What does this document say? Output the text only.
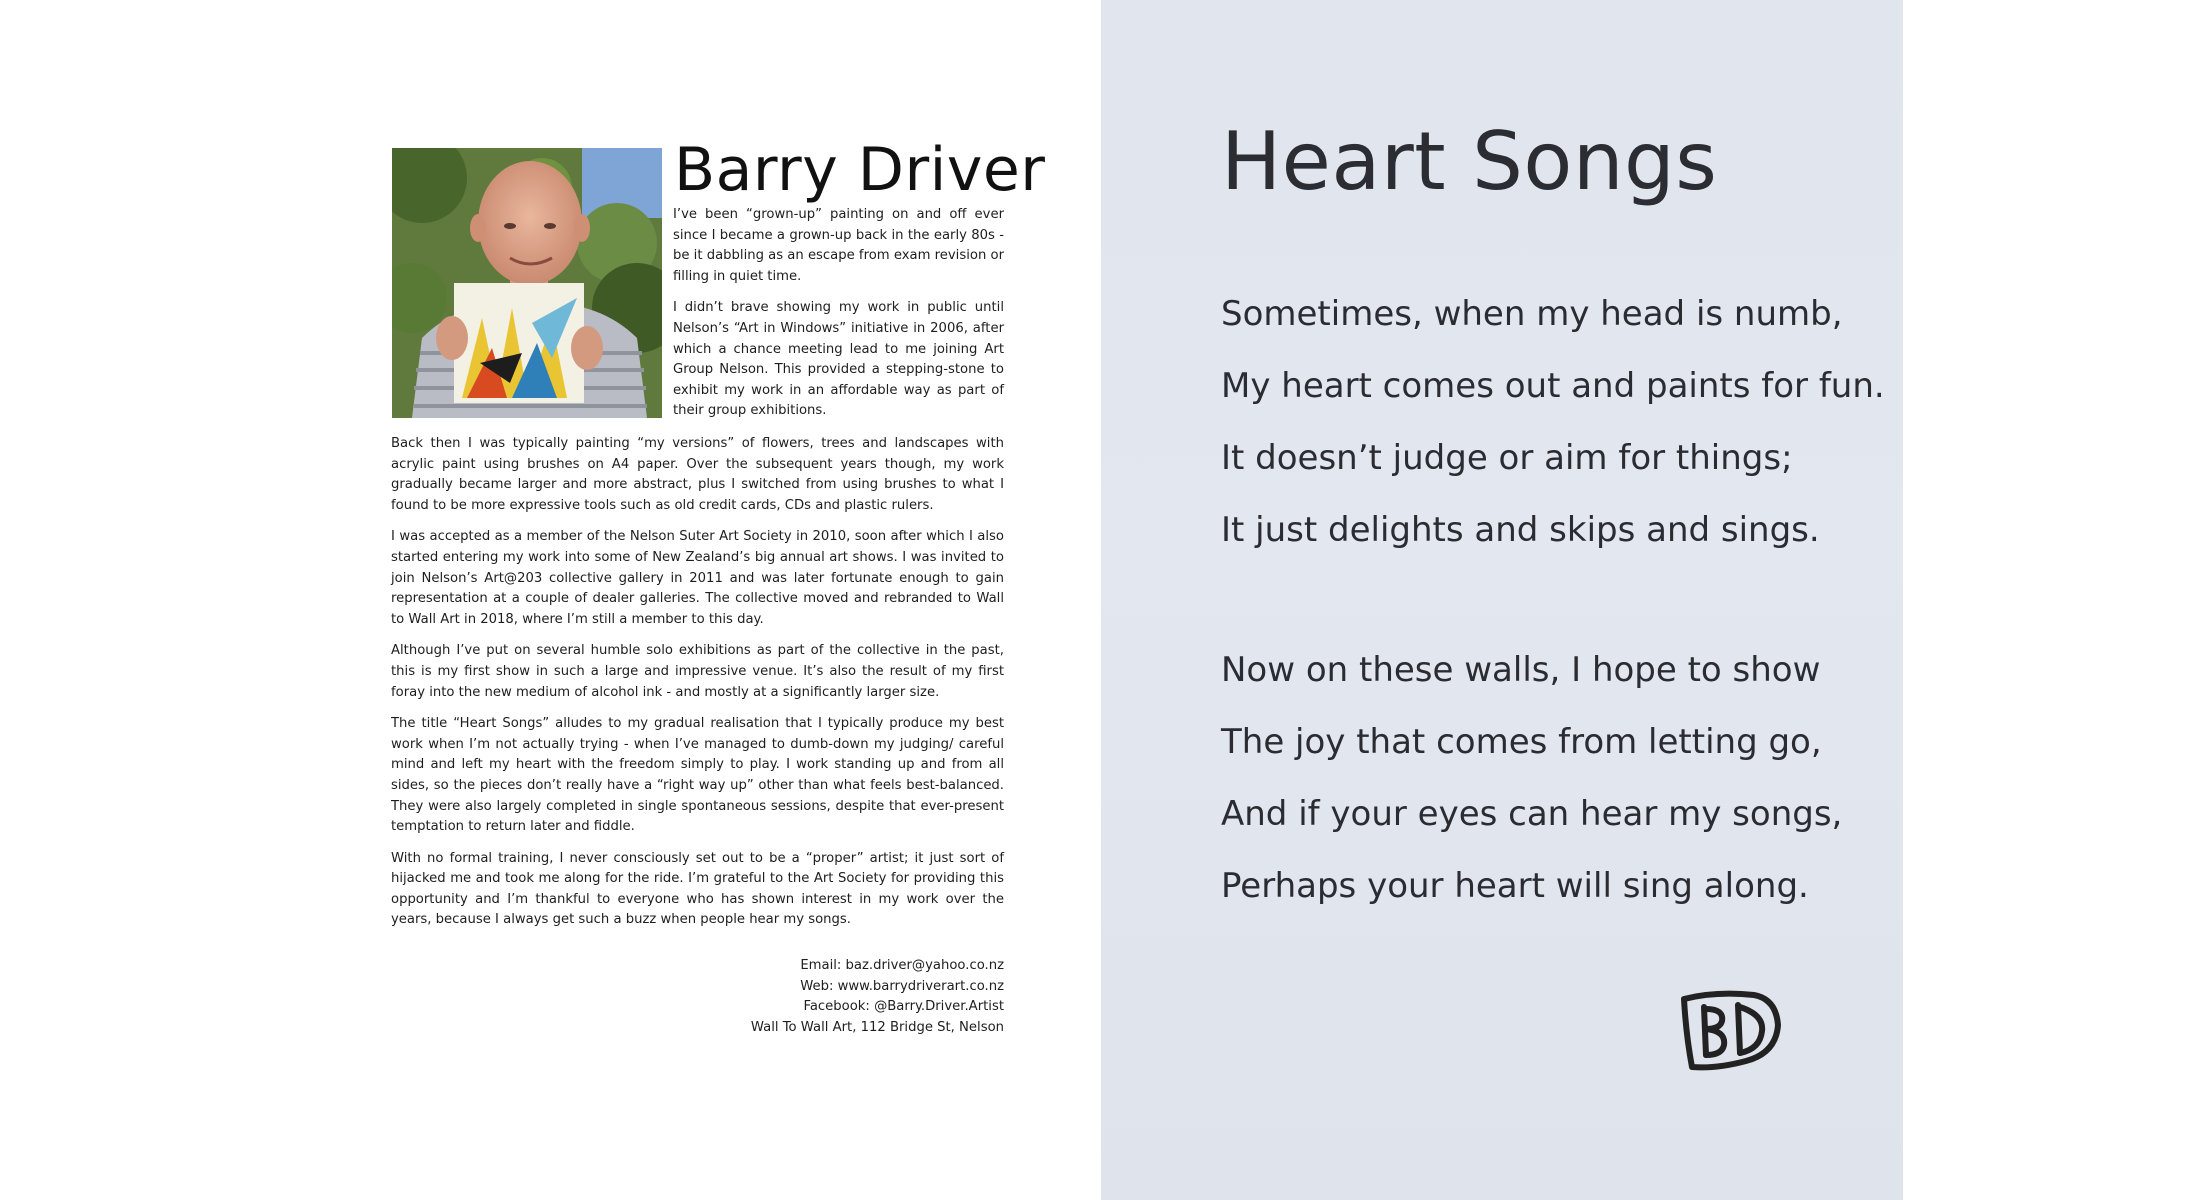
Barry Driver

I’ve been “grown-up” painting on and off ever since I became a grown-up back in the early 80s - be it dabbling as an escape from exam revision or filling in quiet time.

I didn’t brave showing my work in public until Nelson’s “Art in Windows” initiative in 2006, after which a chance meeting lead to me joining Art Group Nelson. This provided a stepping-stone to exhibit my work in an affordable way as part of their group exhibitions.

Back then I was typically painting “my versions” of flowers, trees and landscapes with acrylic paint using brushes on A4 paper. Over the subsequent years though, my work gradually became larger and more abstract, plus I switched from using brushes to what I found to be more expressive tools such as old credit cards, CDs and plastic rulers.

I was accepted as a member of the Nelson Suter Art Society in 2010, soon after which I also started entering my work into some of New Zealand’s big annual art shows. I was invited to join Nelson’s Art@203 collective gallery in 2011 and was later fortunate enough to gain representation at a couple of dealer galleries. The collective moved and rebranded to Wall to Wall Art in 2018, where I’m still a member to this day.

Although I’ve put on several humble solo exhibitions as part of the collective in the past, this is my first show in such a large and impressive venue. It’s also the result of my first foray into the new medium of alcohol ink - and mostly at a significantly larger size.

The title “Heart Songs” alludes to my gradual realisation that I typically produce my best work when I’m not actually trying - when I’ve managed to dumb-down my judging/ careful mind and left my heart with the freedom simply to play. I work standing up and from all sides, so the pieces don’t really have a “right way up” other than what feels best-balanced. They were also largely completed in single spontaneous sessions, despite that ever-present temptation to return later and fiddle.

With no formal training, I never consciously set out to be a “proper” artist; it just sort of hijacked me and took me along for the ride. I’m grateful to the Art Society for providing this opportunity and I’m thankful to everyone who has shown interest in my work over the years, because I always get such a buzz when people hear my songs.

Email: baz.driver@yahoo.co.nz
Web: www.barrydriverart.co.nz
Facebook: @Barry.Driver.Artist
Wall To Wall Art, 112 Bridge St, Nelson
Heart Songs
Sometimes, when my head is numb,
My heart comes out and paints for fun.
It doesn’t judge or aim for things;
It just delights and skips and sings.
Now on these walls, I hope to show
The joy that comes from letting go,
And if your eyes can hear my songs,
Perhaps your heart will sing along.
